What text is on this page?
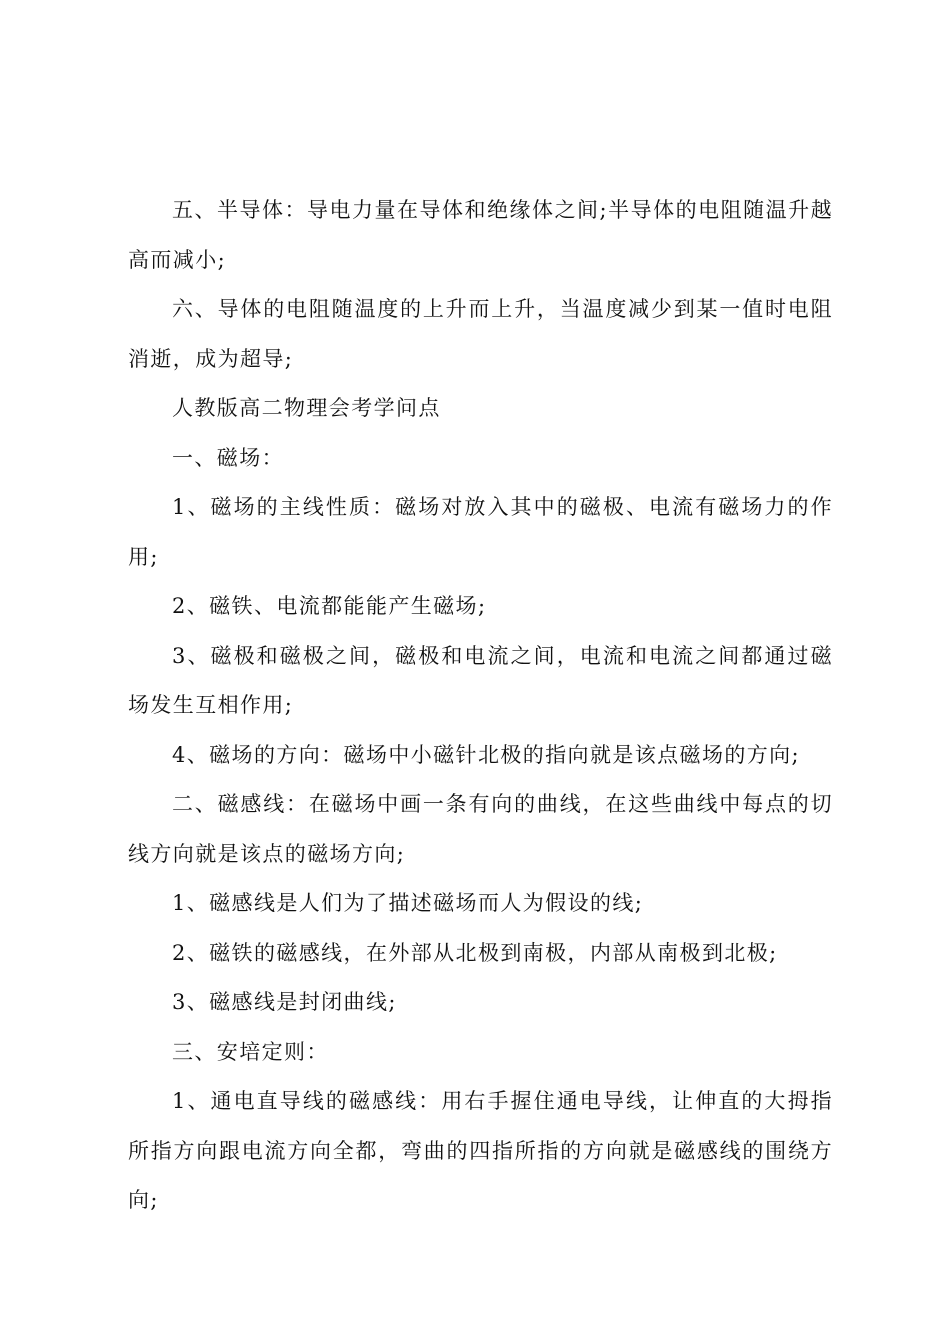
五、半导体：导电力量在导体和绝缘体之间;半导体的电阻随温升越高而减小;

六、导体的电阻随温度的上升而上升，当温度减少到某一值时电阻消逝，成为超导;

人教版高二物理会考学问点

一、磁场：

1、磁场的主线性质：磁场对放入其中的磁极、电流有磁场力的作用;

2、磁铁、电流都能能产生磁场;

3、磁极和磁极之间，磁极和电流之间，电流和电流之间都通过磁场发生互相作用;

4、磁场的方向：磁场中小磁针北极的指向就是该点磁场的方向;

二、磁感线：在磁场中画一条有向的曲线，在这些曲线中每点的切线方向就是该点的磁场方向;

1、磁感线是人们为了描述磁场而人为假设的线;

2、磁铁的磁感线，在外部从北极到南极，内部从南极到北极;

3、磁感线是封闭曲线;

三、安培定则：

1、通电直导线的磁感线：用右手握住通电导线，让伸直的大拇指所指方向跟电流方向全都，弯曲的四指所指的方向就是磁感线的围绕方向;
